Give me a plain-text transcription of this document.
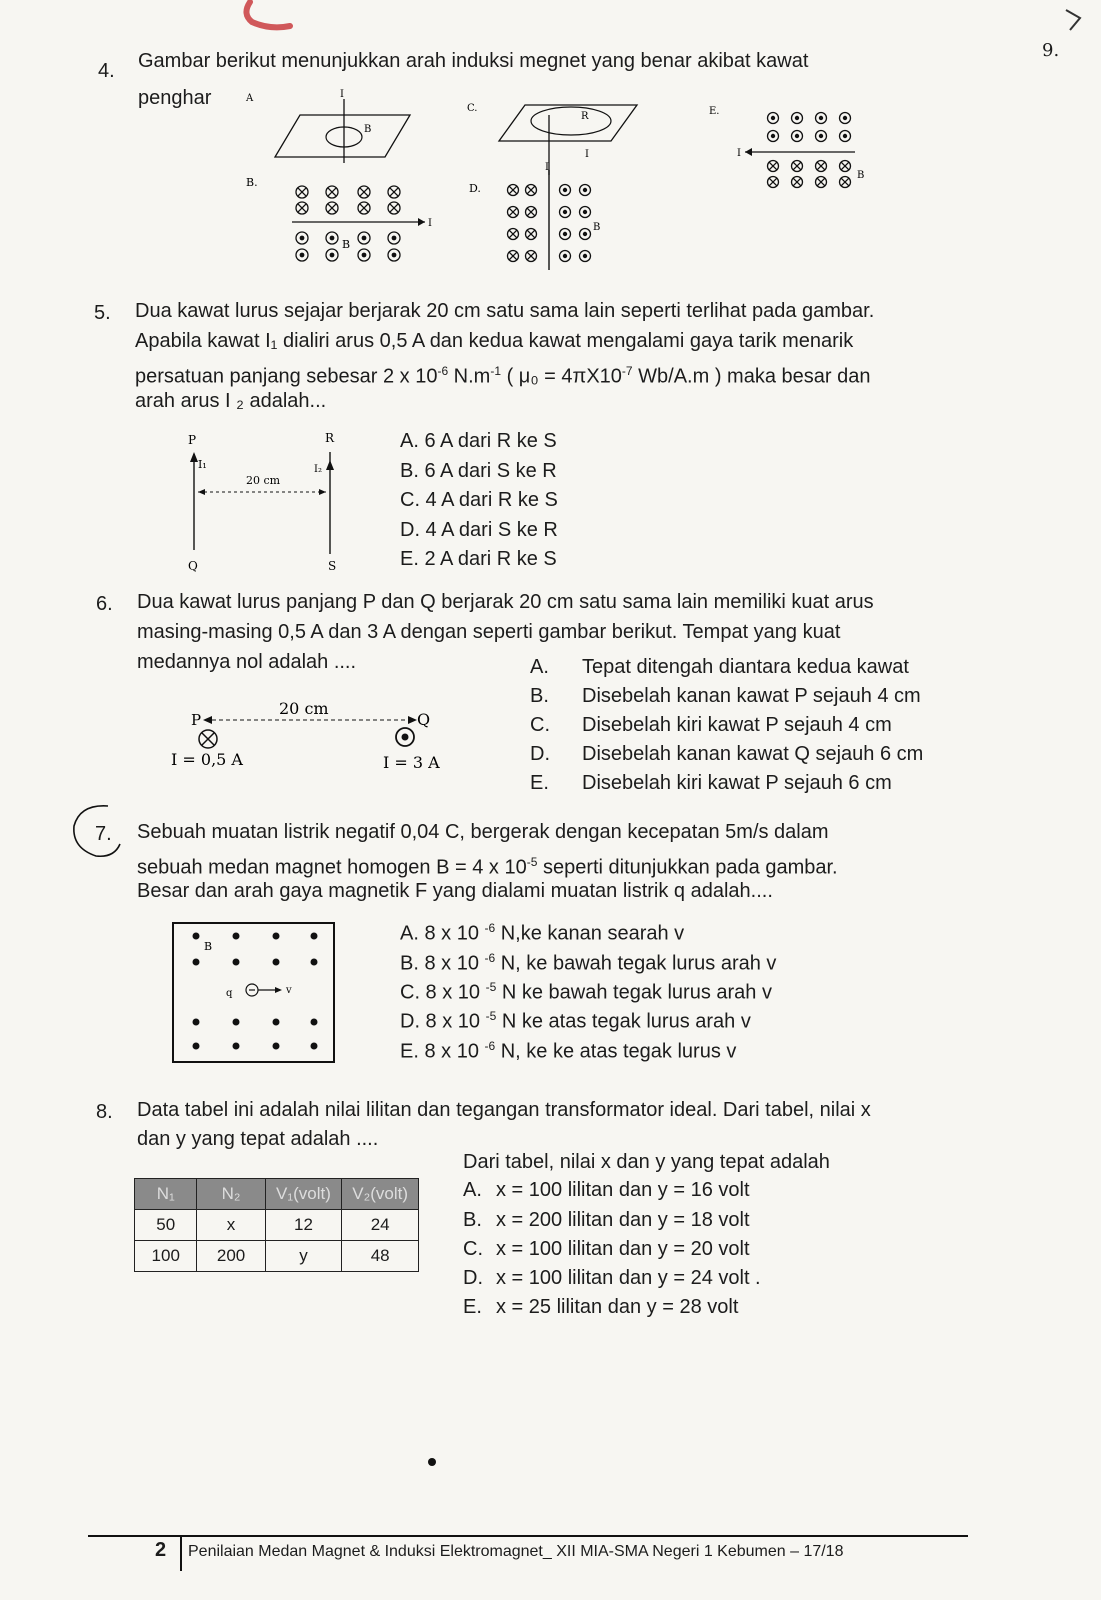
9.
4. Gambar berikut menunjukkan arah induksi megnet yang benar akibat kawat
penghar	A	I
B
B.
I
B
C.
R
I
D.
I
B
E.
I
B
5. Dua kawat lurus sejajar berjarak 20 cm satu sama lain seperti terlihat pada gambar.
Apabila kawat I₁ dialiri arus 0,5 A dan kedua kawat mengalami gaya tarik menarik
persatuan panjang sebesar 2 x $10^{-6}$ $N.m^{-1}$ ( $\mu_0 = 4\pi X10^{-7}$ Wb/A.m ) maka besar dan
arah arus I ₂ adalah...
P	R
I₁	I₂
20 cm
Q	S
A. 6 A dari R ke S
B. 6 A dari S ke R
C. 4 A dari R ke S
D. 4 A dari S ke R
E. 2 A dari R ke S
6. Dua kawat lurus panjang P dan Q berjarak 20 cm satu sama lain memiliki kuat arus
masing-masing 0,5 A dan 3 A dengan seperti gambar berikut. Tempat yang kuat
medannya nol adalah ....
P
20 cm
Q
I = 0,5 A	I = 3 A
A. Tepat ditengah diantara kedua kawat
B. Disebelah kanan kawat P sejauh 4 cm
C. Disebelah kiri kawat P sejauh 4 cm
D. Disebelah kanan kawat Q sejauh 6 cm
E. Disebelah kiri kawat P sejauh 6 cm
7. Sebuah muatan listrik negatif 0,04 C, bergerak dengan kecepatan 5m/s dalam
sebuah medan magnet homogen B = 4 x $10^{-5}$ seperti ditunjukkan pada gambar.
Besar dan arah gaya magnetik F yang dialami muatan listrik q adalah....
B
q	v
A. 8 x 10 $^{-6}$ N,ke kanan searah v
B. 8 x 10 $^{-6}$ N, ke bawah tegak lurus arah v
C. 8 x 10 $^{-5}$ N ke bawah tegak lurus arah v
D. 8 x 10 $^{-5}$ N ke atas tegak lurus arah v
E. 8 x 10 $^{-6}$ N, ke ke atas tegak lurus v
8. Data tabel ini adalah nilai lilitan dan tegangan transformator ideal. Dari tabel, nilai x
dan y yang tepat adalah ....
N₁	N₂	V₁(volt)	V₂(volt)
50	x	12	24
100	200	y	48
Dari tabel, nilai x dan y yang tepat adalah
A. x = 100 lilitan dan y = 16 volt
B. x = 200 lilitan dan y = 18 volt
C. x = 100 lilitan dan y = 20 volt
D. x = 100 lilitan dan y = 24 volt .
E. x = 25 lilitan dan y = 28 volt
2 Penilaian Medan Magnet & Induksi Elektromagnet_ XII MIA-SMA Negeri 1 Kebumen – 17/18
